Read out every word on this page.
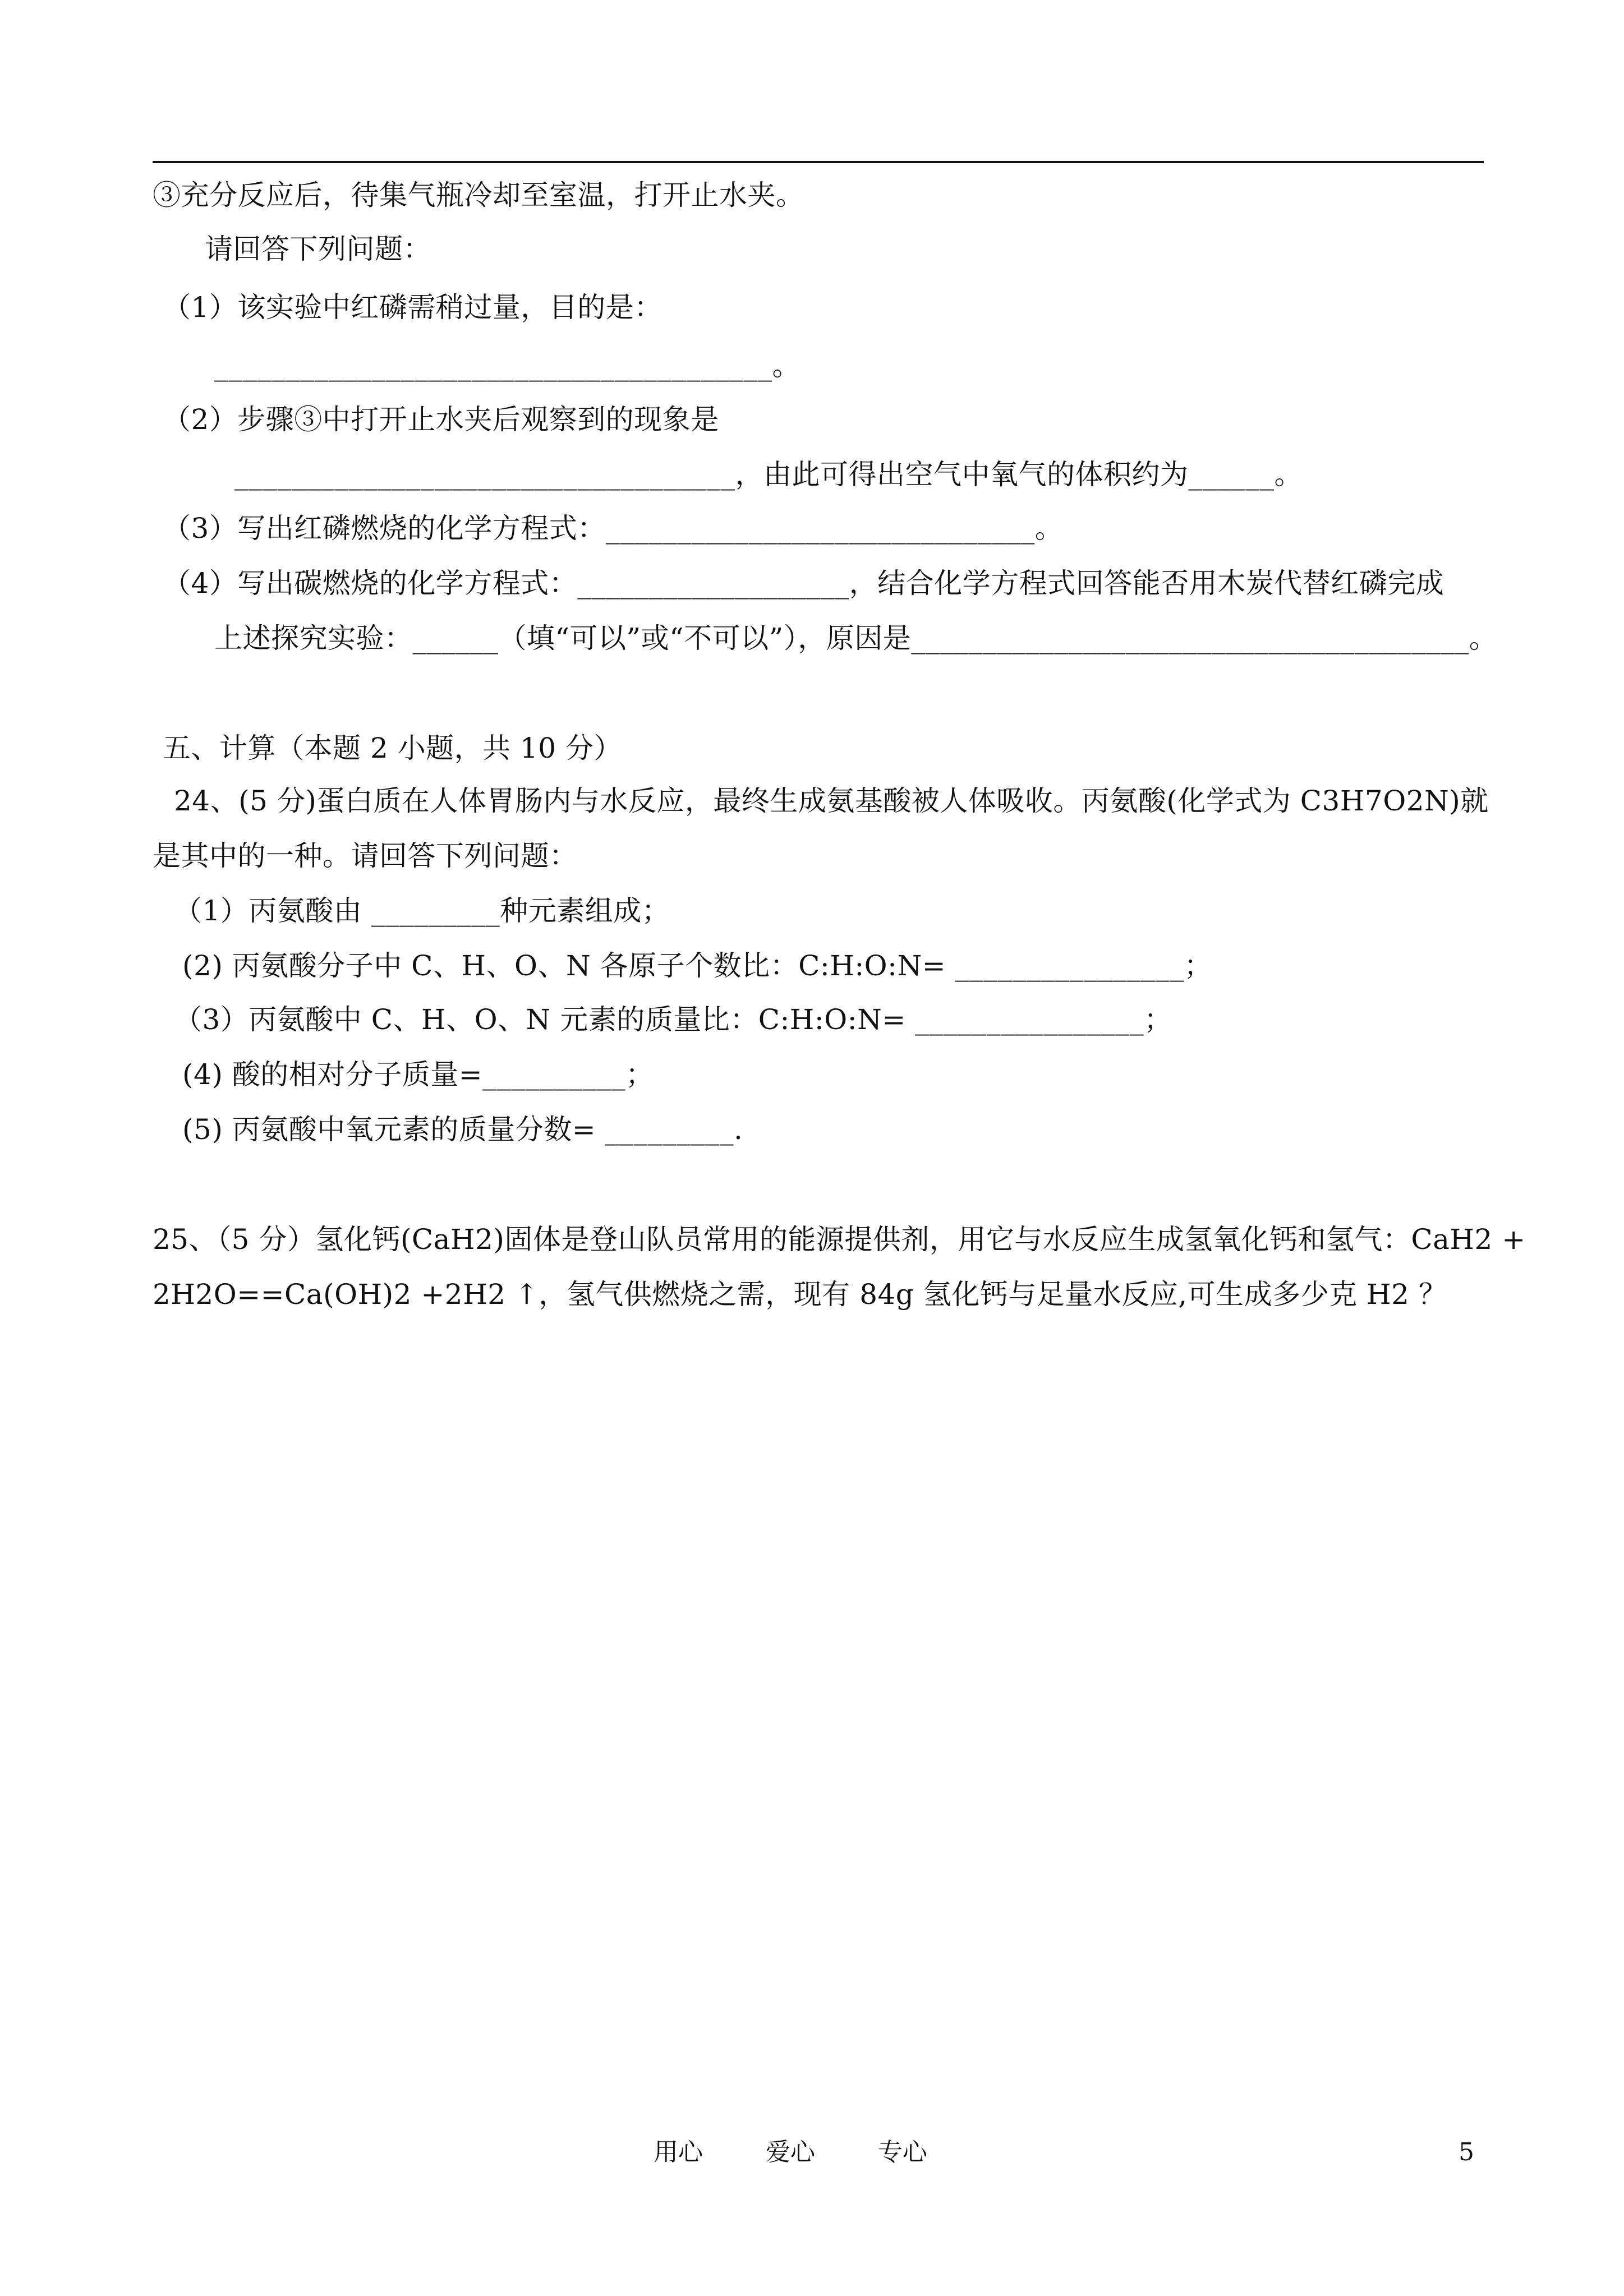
③充分反应后，待集气瓶冷却至室温，打开止水夹。
请回答下列问题：
（1）该实验中红磷需稍过量，目的是：
_______________________________________。
（2）步骤③中打开止水夹后观察到的现象是
___________________________________，由此可得出空气中氧气的体积约为______。
（3）写出红磷燃烧的化学方程式：______________________________。
（4）写出碳燃烧的化学方程式：___________________，结合化学方程式回答能否用木炭代替红磷完成
上述探究实验：______（填“可以”或“不可以”），原因是_______________________________________。
五、计算（本题 2 小题，共 10 分）
24、(5 分)蛋白质在人体胃肠内与水反应，最终生成氨基酸被人体吸收。丙氨酸(化学式为 C3H7O2N)就
是其中的一种。请回答下列问题：
（1）丙氨酸由 _________种元素组成；
(2) 丙氨酸分子中 C、H、O、N 各原子个数比：C:H:O:N= ________________；
（3）丙氨酸中 C、H、O、N 元素的质量比：C:H:O:N= ________________；
(4) 酸的相对分子质量=__________；
(5) 丙氨酸中氧元素的质量分数= _________.
25、（5 分）氢化钙(CaH2)固体是登山队员常用的能源提供剂，用它与水反应生成氢氧化钙和氢气：CaH2 +
2H2O==Ca(OH)2 +2H2 ↑，氢气供燃烧之需，现有 84g 氢化钙与足量水反应,可生成多少克 H2 ？
用心	爱心	专心	5
